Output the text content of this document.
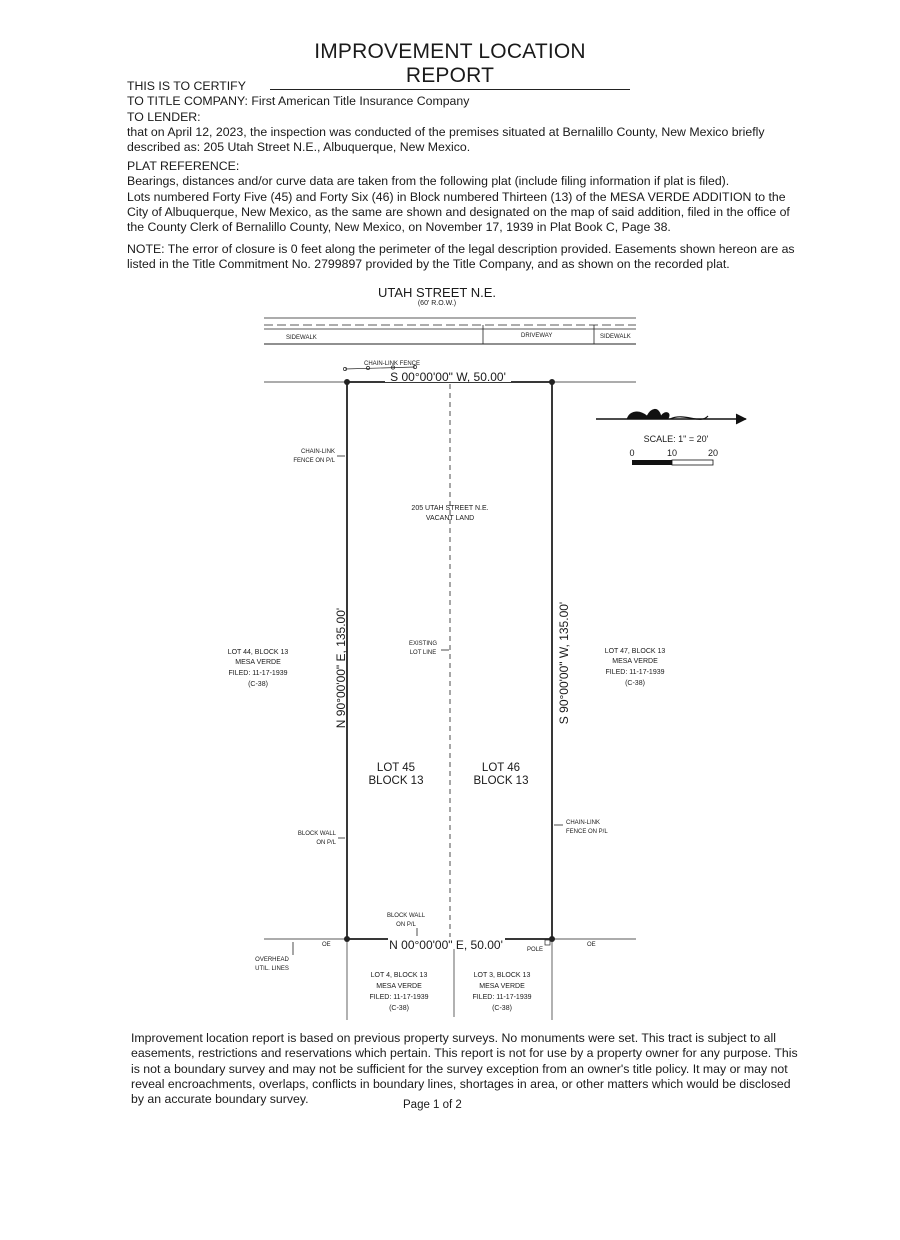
IMPROVEMENT LOCATION REPORT
THIS IS TO CERTIFY
TO TITLE COMPANY: First American Title Insurance Company
TO LENDER:
that on April 12, 2023, the inspection was conducted of the premises situated at Bernalillo County, New Mexico briefly
described as: 205 Utah Street N.E., Albuquerque, New Mexico.
PLAT REFERENCE:
Bearings, distances and/or curve data are taken from the following plat (include filing information if plat is filed).
Lots numbered Forty Five (45) and Forty Six (46) in Block numbered Thirteen (13) of the MESA VERDE ADDITION to the
City of Albuquerque, New Mexico, as the same are shown and designated on the map of said addition, filed in the office of
the County Clerk of Bernalillo County, New Mexico, on November 17, 1939 in Plat Book C, Page 38.
NOTE: The error of closure is 0 feet along the perimeter of the legal description provided. Easements shown hereon are as
listed in the Title Commitment No. 2799897 provided by the Title Company, and as shown on the recorded plat.
UTAH STREET N.E.
(60' R.O.W.)
SIDEWALK	DRIVEWAY	SIDEWALK
CHAIN-LINK FENCE
S 00°00'00" W, 50.00'
N 00°00'00" E, 50.00'
N 90°00'00" E, 135.00'	S 90°00'00" W, 135.00'
CHAIN-LINK
FENCE ON P/L
205 UTAH STREET N.E.
VACANT LAND
EXISTING
LOT LINE
LOT 44, BLOCK 13
MESA VERDE
FILED: 11-17-1939
(C-38)
LOT 47, BLOCK 13
MESA VERDE
FILED: 11-17-1939
(C-38)
LOT 45
BLOCK 13
LOT 46
BLOCK 13
CHAIN-LINK
FENCE ON P/L
BLOCK WALL
ON P/L
BLOCK WALL
ON P/L
POLE
OE	OE
OVERHEAD
UTIL. LINES
LOT 4, BLOCK 13
MESA VERDE
FILED: 11-17-1939
(C-38)
LOT 3, BLOCK 13
MESA VERDE
FILED: 11-17-1939
(C-38)
SCALE: 1" = 20'
0	10	20
Improvement location report is based on previous property surveys. No monuments were set. This tract is subject to all
easements, restrictions and reservations which pertain. This report is not for use by a property owner for any purpose. This
is not a boundary survey and may not be sufficient for the survey exception from an owner's title policy. It may or may not
reveal encroachments, overlaps, conflicts in boundary lines, shortages in area, or other matters which would be disclosed
by an accurate boundary survey.	Page 1 of 2
